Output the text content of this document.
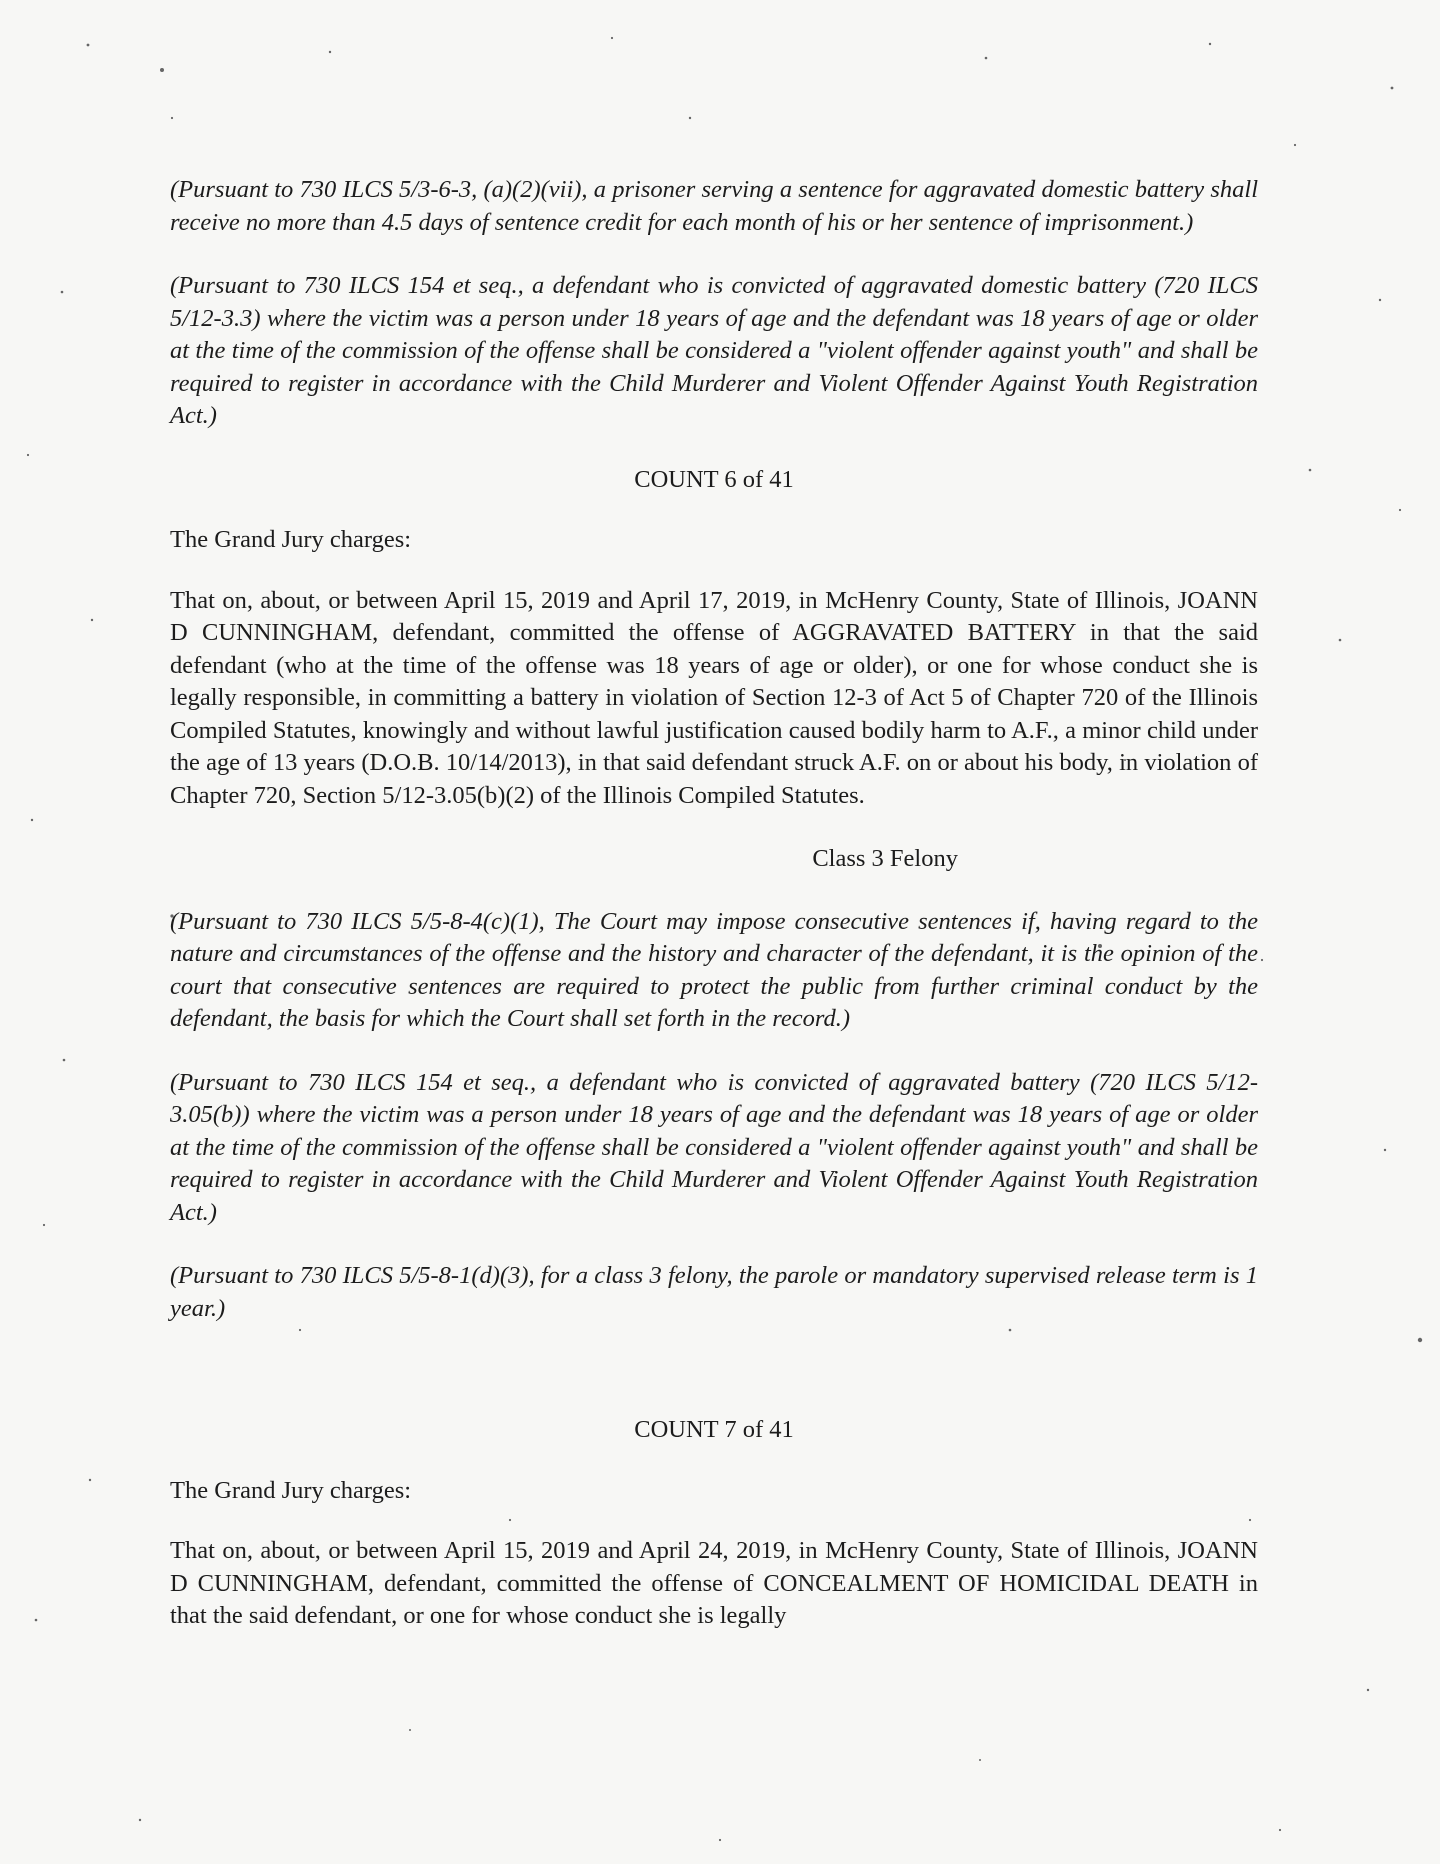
(Pursuant to 730 ILCS 5/3-6-3, (a)(2)(vii), a prisoner serving a sentence for aggravated domestic battery shall receive no more than 4.5 days of sentence credit for each month of his or her sentence of imprisonment.)

(Pursuant to 730 ILCS 154 et seq., a defendant who is convicted of aggravated domestic battery (720 ILCS 5/12-3.3) where the victim was a person under 18 years of age and the defendant was 18 years of age or older at the time of the commission of the offense shall be considered a "violent offender against youth" and shall be required to register in accordance with the Child Murderer and Violent Offender Against Youth Registration Act.)

COUNT 6 of 41
The Grand Jury charges:

That on, about, or between April 15, 2019 and April 17, 2019, in McHenry County, State of Illinois, JOANN D CUNNINGHAM, defendant, committed the offense of AGGRAVATED BATTERY in that the said defendant (who at the time of the offense was 18 years of age or older), or one for whose conduct she is legally responsible, in committing a battery in violation of Section 12-3 of Act 5 of Chapter 720 of the Illinois Compiled Statutes, knowingly and without lawful justification caused bodily harm to A.F., a minor child under the age of 13 years (D.O.B. 10/14/2013), in that said defendant struck A.F. on or about his body, in violation of Chapter 720, Section 5/12-3.05(b)(2) of the Illinois Compiled Statutes.

Class 3 Felony

(Pursuant to 730 ILCS 5/5-8-4(c)(1), The Court may impose consecutive sentences if, having regard to the nature and circumstances of the offense and the history and character of the defendant, it is the opinion of the court that consecutive sentences are required to protect the public from further criminal conduct by the defendant, the basis for which the Court shall set forth in the record.)

(Pursuant to 730 ILCS 154 et seq., a defendant who is convicted of aggravated battery (720 ILCS 5/12-3.05(b)) where the victim was a person under 18 years of age and the defendant was 18 years of age or older at the time of the commission of the offense shall be considered a "violent offender against youth" and shall be required to register in accordance with the Child Murderer and Violent Offender Against Youth Registration Act.)

(Pursuant to 730 ILCS 5/5-8-1(d)(3), for a class 3 felony, the parole or mandatory supervised release term is 1 year.)

COUNT 7 of 41
The Grand Jury charges:

That on, about, or between April 15, 2019 and April 24, 2019, in McHenry County, State of Illinois, JOANN D CUNNINGHAM, defendant, committed the offense of CONCEALMENT OF HOMICIDAL DEATH in that the said defendant, or one for whose conduct she is legally
